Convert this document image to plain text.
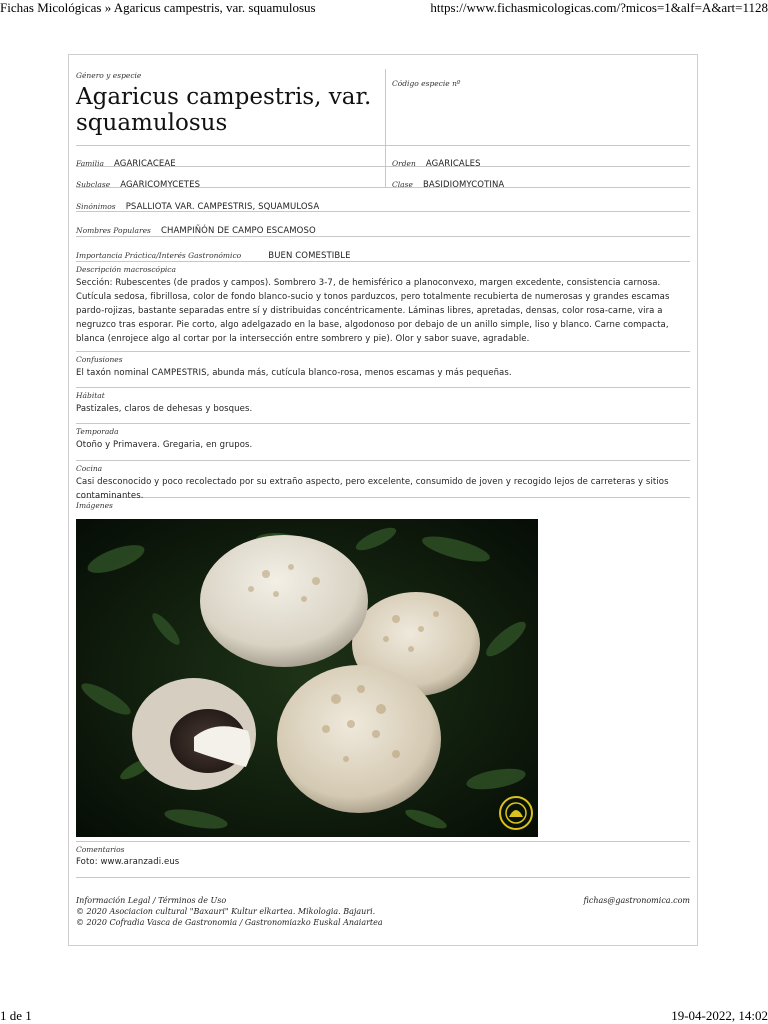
Fichas Micológicas » Agaricus campestris, var. squamulosus	https://www.fichasmicologicas.com/?micos=1&alf=A&art=1128
Género y especie
Agaricus campestris, var. squamulosus
Código especie nº
Familia AGARICACEAE	Orden AGARICALES
Subclase AGARICOMYCETES	Clase BASIDIOMYCOTINA
Sinónimos PSALLIOTA VAR. CAMPESTRIS, SQUAMULOSA
Nombres Populares CHAMPIÑÓN DE CAMPO ESCAMOSO
Importancia Práctica/Interés Gastronómico	BUEN COMESTIBLE
Descripción macroscópica
Sección: Rubescentes (de prados y campos). Sombrero 3-7, de hemisférico a planoconvexo, margen excedente, consistencia carnosa. Cutícula sedosa, fibrillosa, color de fondo blanco-sucio y tonos parduzcos, pero totalmente recubierta de numerosas y grandes escamas pardo-rojizas, bastante separadas entre sí y distribuidas concéntricamente. Láminas libres, apretadas, densas, color rosa-carne, vira a negruzco tras esporar. Pie corto, algo adelgazado en la base, algodonoso por debajo de un anillo simple, liso y blanco. Carne compacta, blanca (enrojece algo al cortar por la intersección entre sombrero y pie). Olor y sabor suave, agradable.
Confusiones
El taxón nominal CAMPESTRIS, abunda más, cutícula blanco-rosa, menos escamas y más pequeñas.
Hábitat
Pastizales, claros de dehesas y bosques.
Temporada
Otoño y Primavera. Gregaria, en grupos.
Cocina
Casi desconocido y poco recolectado por su extraño aspecto, pero excelente, consumido de joven y recogido lejos de carreteras y sitios contaminantes.
Imágenes
Comentarios
Foto: www.aranzadi.eus
Información Legal / Términos de Uso
© 2020 Asociacion cultural "Baxauri" Kultur elkartea. Mikologia. Bajauri.
© 2020 Cofradia Vasca de Gastronomia / Gastronomiazko Euskal Anaiartea
fichas@gastronomica.com
1 de 1	19-04-2022, 14:02
